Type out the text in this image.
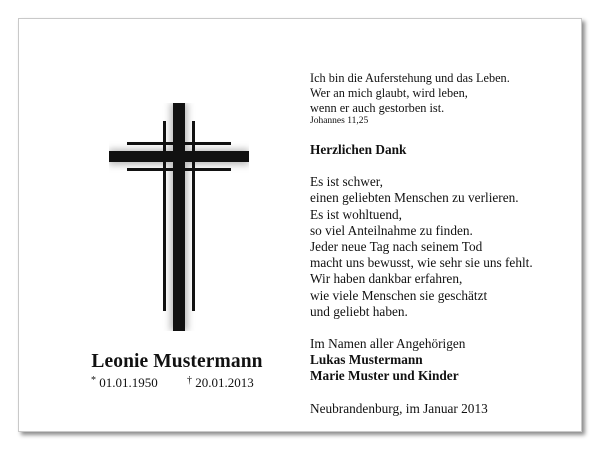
Leonie Mustermann
* 01.01.1950	† 20.01.2013
Ich bin die Auferstehung und das Leben.
Wer an mich glaubt, wird leben,
wenn er auch gestorben ist.
Johannes 11,25
Herzlichen Dank
Es ist schwer,
einen geliebten Menschen zu verlieren.
Es ist wohltuend,
so viel Anteilnahme zu finden.
Jeder neue Tag nach seinem Tod
macht uns bewusst, wie sehr sie uns fehlt.
Wir haben dankbar erfahren,
wie viele Menschen sie geschätzt
und geliebt haben.
Im Namen aller Angehörigen
Lukas Mustermann
Marie Muster und Kinder
Neubrandenburg, im Januar 2013
